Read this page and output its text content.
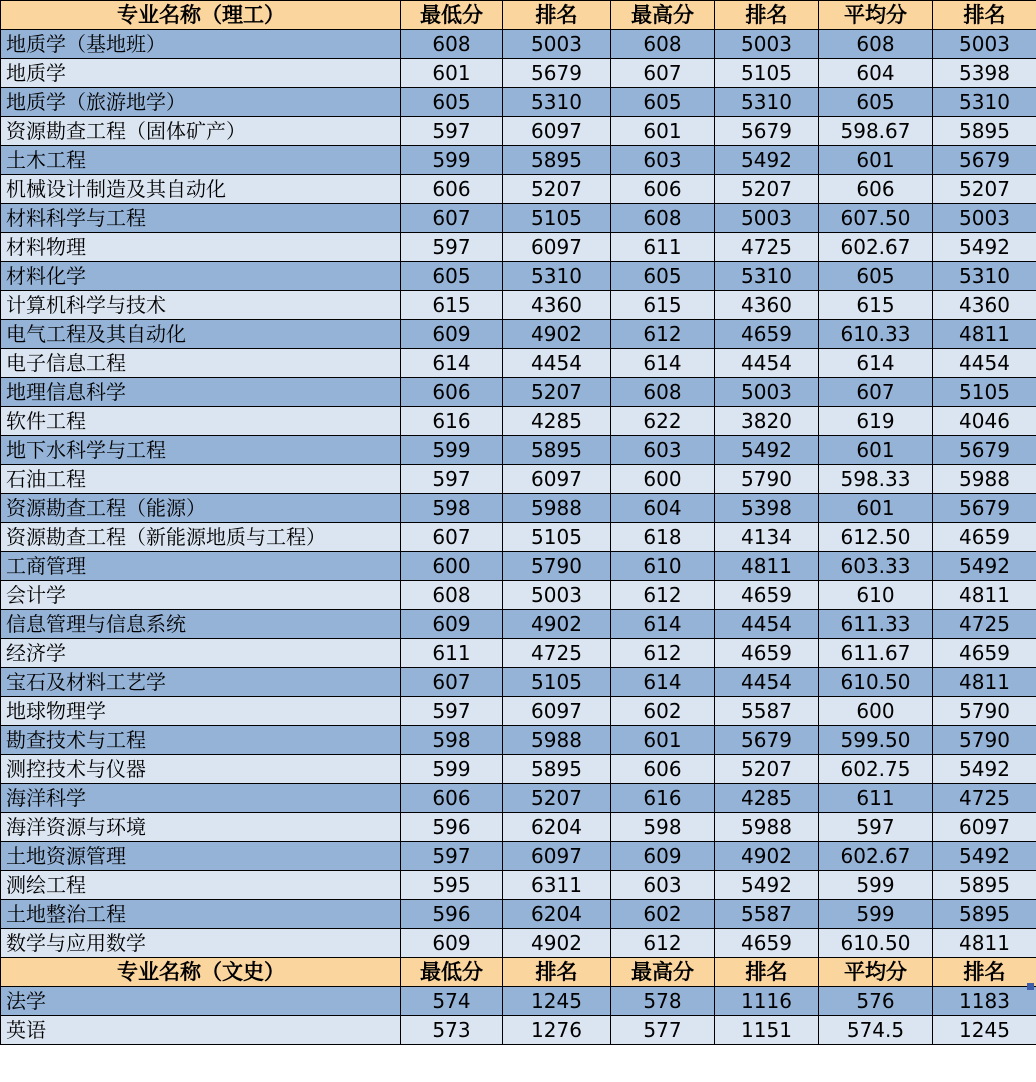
专业名称（理工）	最低分	排名	最高分	排名	平均分	排名
地质学（基地班）	608	5003	608	5003	608	5003
地质学	601	5679	607	5105	604	5398
地质学（旅游地学）	605	5310	605	5310	605	5310
资源勘查工程（固体矿产）	597	6097	601	5679	598.67	5895
土木工程	599	5895	603	5492	601	5679
机械设计制造及其自动化	606	5207	606	5207	606	5207
材料科学与工程	607	5105	608	5003	607.50	5003
材料物理	597	6097	611	4725	602.67	5492
材料化学	605	5310	605	5310	605	5310
计算机科学与技术	615	4360	615	4360	615	4360
电气工程及其自动化	609	4902	612	4659	610.33	4811
电子信息工程	614	4454	614	4454	614	4454
地理信息科学	606	5207	608	5003	607	5105
软件工程	616	4285	622	3820	619	4046
地下水科学与工程	599	5895	603	5492	601	5679
石油工程	597	6097	600	5790	598.33	5988
资源勘查工程（能源）	598	5988	604	5398	601	5679
资源勘查工程（新能源地质与工程）	607	5105	618	4134	612.50	4659
工商管理	600	5790	610	4811	603.33	5492
会计学	608	5003	612	4659	610	4811
信息管理与信息系统	609	4902	614	4454	611.33	4725
经济学	611	4725	612	4659	611.67	4659
宝石及材料工艺学	607	5105	614	4454	610.50	4811
地球物理学	597	6097	602	5587	600	5790
勘查技术与工程	598	5988	601	5679	599.50	5790
测控技术与仪器	599	5895	606	5207	602.75	5492
海洋科学	606	5207	616	4285	611	4725
海洋资源与环境	596	6204	598	5988	597	6097
土地资源管理	597	6097	609	4902	602.67	5492
测绘工程	595	6311	603	5492	599	5895
土地整治工程	596	6204	602	5587	599	5895
数学与应用数学	609	4902	612	4659	610.50	4811
专业名称（文史）	最低分	排名	最高分	排名	平均分	排名
法学	574	1245	578	1116	576	1183
英语	573	1276	577	1151	574.5	1245
